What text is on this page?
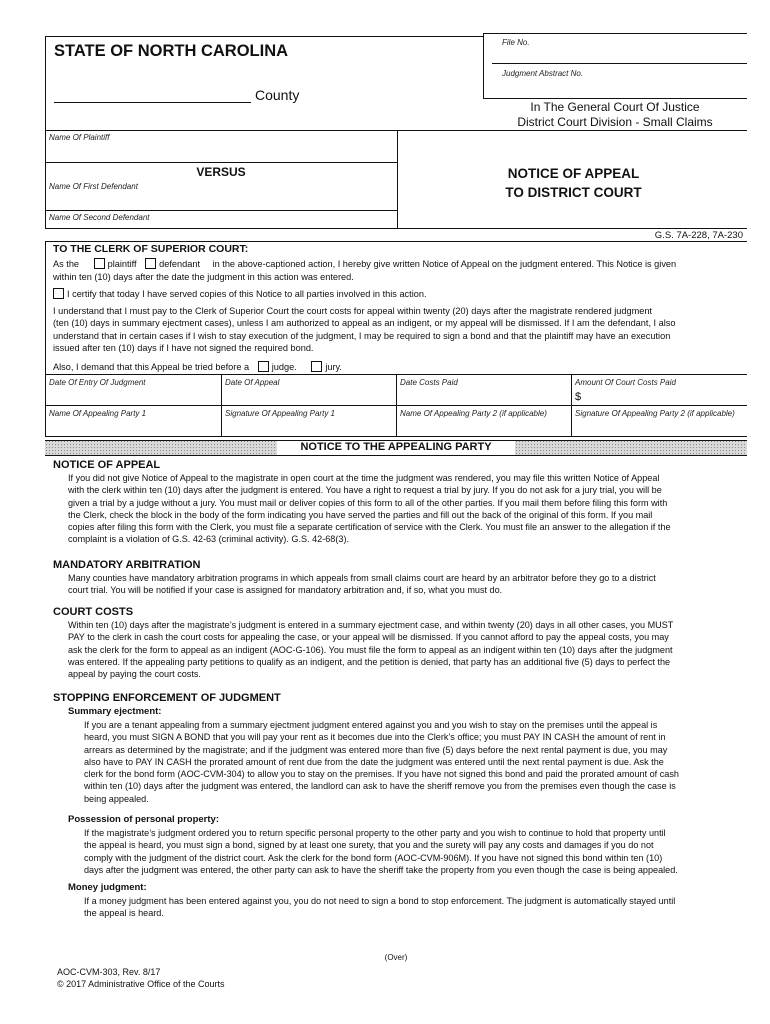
STATE OF NORTH CAROLINA
County
File No.
Judgment Abstract No.
In The General Court Of Justice
District Court Division - Small Claims
Name Of Plaintiff
VERSUS
Name Of First Defendant
Name Of Second Defendant
NOTICE OF APPEAL
TO DISTRICT COURT
G.S. 7A-228, 7A-230
TO THE CLERK OF SUPERIOR COURT:
As the	plaintiff defendant in the above-captioned action, I hereby give written Notice of Appeal on the judgment entered. This Notice is given
within ten (10) days after the date the judgment in this action was entered.
I certify that today I have served copies of this Notice to all parties involved in this action.
I understand that I must pay to the Clerk of Superior Court the court costs for appeal within twenty (20) days after the magistrate rendered judgment
(ten (10) days in summary ejectment cases), unless I am authorized to appeal as an indigent, or my appeal will be dismissed. If I am the defendant, I also
understand that in certain cases if I wish to stay execution of the judgment, I may be required to sign a bond and that the plaintiff may have an execution
issued after ten (10) days if I have not signed the required bond.
Also, I demand that this Appeal be tried before a judge.	jury.
Date Of Entry Of Judgment	Date Of Appeal	Date Costs Paid	Amount Of Court Costs Paid
$
Name Of Appealing Party 1	Signature Of Appealing Party 1	Name Of Appealing Party 2 (if applicable)	Signature Of Appealing Party 2 (if applicable)
NOTICE TO THE APPEALING PARTY
NOTICE OF APPEAL
If you did not give Notice of Appeal to the magistrate in open court at the time the judgment was rendered, you may file this written Notice of Appeal
with the clerk within ten (10) days after the judgment is entered. You have a right to request a trial by jury. If you do not ask for a jury trial, you will be
given a trial by a judge without a jury. You must mail or deliver copies of this form to all of the other parties. If you mail them before filing this form with
the Clerk, check the block in the body of the form indicating you have served the parties and fill out the back of the original of this form. If you mail
copies after filing this form with the Clerk, you must file a separate certification of service with the Clerk. You must file an answer to the allegation if the
complaint is a violation of G.S. 42-63 (criminal activity). G.S. 42-68(3).
MANDATORY ARBITRATION
Many counties have mandatory arbitration programs in which appeals from small claims court are heard by an arbitrator before they go to a district
court trial. You will be notified if your case is assigned for mandatory arbitration and, if so, what you must do.
COURT COSTS
Within ten (10) days after the magistrate’s judgment is entered in a summary ejectment case, and within twenty (20) days in all other cases, you MUST
PAY to the clerk in cash the court costs for appealing the case, or your appeal will be dismissed. If you cannot afford to pay the appeal costs, you may
ask the clerk for the form to appeal as an indigent (AOC-G-106). You must file the form to appeal as an indigent within ten (10) days after the judgment
was entered. If the appealing party petitions to qualify as an indigent, and the petition is denied, that party has an additional five (5) days to perfect the
appeal by paying the court costs.
STOPPING ENFORCEMENT OF JUDGMENT
Summary ejectment:
If you are a tenant appealing from a summary ejectment judgment entered against you and you wish to stay on the premises until the appeal is
heard, you must SIGN A BOND that you will pay your rent as it becomes due into the Clerk’s office; you must PAY IN CASH the amount of rent in
arrears as determined by the magistrate; and if the judgment was entered more than five (5) days before the next rental payment is due, you may
also have to PAY IN CASH the prorated amount of rent due from the date the judgment was entered until the next rental payment is due. Ask the
clerk for the bond form (AOC-CVM-304) to allow you to stay on the premises. If you have not signed this bond and paid the prorated amount of cash
within ten (10) days after the judgment was entered, the landlord can ask to have the sheriff remove you from the premises even though the case is
being appealed.
Possession of personal property:
If the magistrate’s judgment ordered you to return specific personal property to the other party and you wish to continue to hold that property until
the appeal is heard, you must sign a bond, signed by at least one surety, that you and the surety will pay any costs and damages if you do not
comply with the judgment of the district court. Ask the clerk for the bond form (AOC-CVM-906M). If you have not signed this bond within ten (10)
days after the judgment was entered, the other party can ask to have the sheriff take the property from you even though the case is being appealed.
Money judgment:
If a money judgment has been entered against you, you do not need to sign a bond to stop enforcement. The judgment is automatically stayed until
the appeal is heard.
(Over)
AOC-CVM-303, Rev. 8/17
© 2017 Administrative Office of the Courts
